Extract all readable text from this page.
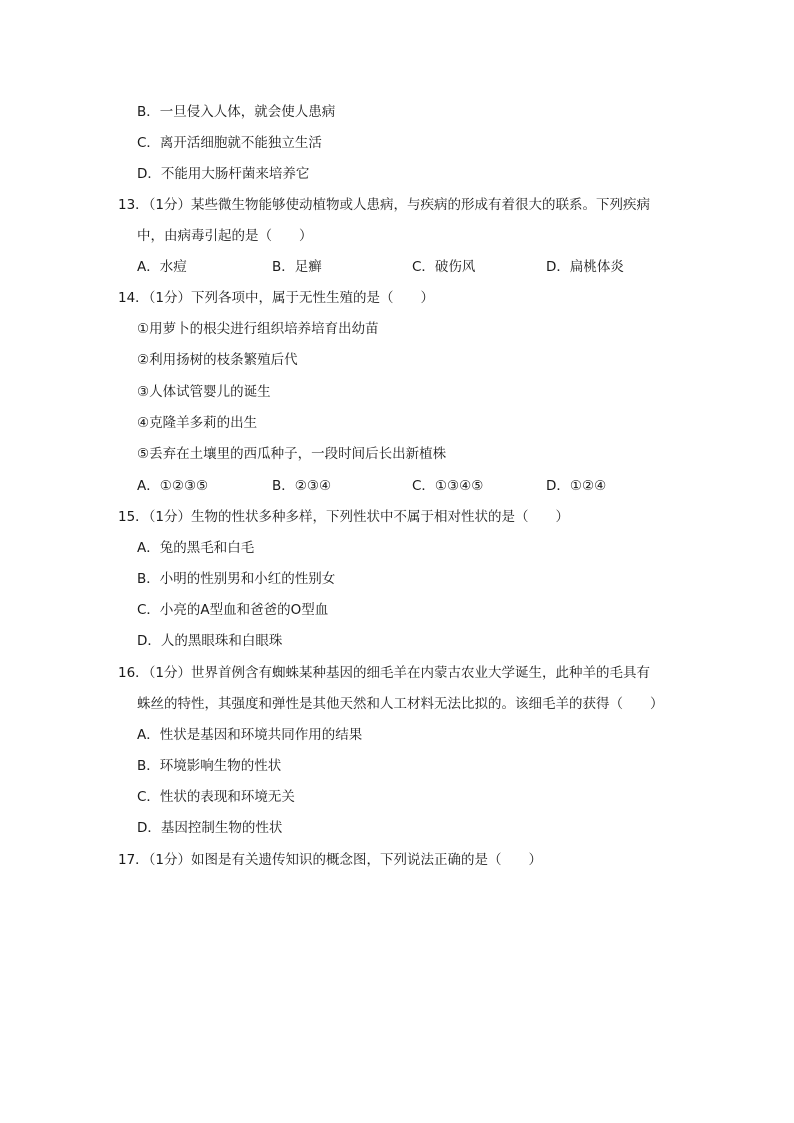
B．一旦侵入人体，就会使人患病
C．离开活细胞就不能独立生活
D．不能用大肠杆菌来培养它
13．（1分）某些微生物能够使动植物或人患病，与疾病的形成有着很大的联系。下列疾病
中，由病毒引起的是（　　）
A．水痘	B．足癣	C．破伤风	D．扁桃体炎
14．（1分）下列各项中，属于无性生殖的是（　　）
①用萝卜的根尖进行组织培养培育出幼苗
②利用扬树的枝条繁殖后代
③人体试管婴儿的诞生
④克隆羊多莉的出生
⑤丢弃在土壤里的西瓜种子，一段时间后长出新植株
A．①②③⑤	B．②③④	C．①③④⑤	D．①②④
15．（1分）生物的性状多种多样，下列性状中不属于相对性状的是（　　）
A．兔的黑毛和白毛
B．小明的性别男和小红的性别女
C．小亮的A型血和爸爸的O型血
D．人的黑眼珠和白眼珠
16．（1分）世界首例含有蜘蛛某种基因的细毛羊在内蒙古农业大学诞生，此种羊的毛具有
蛛丝的特性，其强度和弹性是其他天然和人工材料无法比拟的。该细毛羊的获得（　　）
A．性状是基因和环境共同作用的结果
B．环境影响生物的性状
C．性状的表现和环境无关
D．基因控制生物的性状
17．（1分）如图是有关遗传知识的概念图，下列说法正确的是（　　）
